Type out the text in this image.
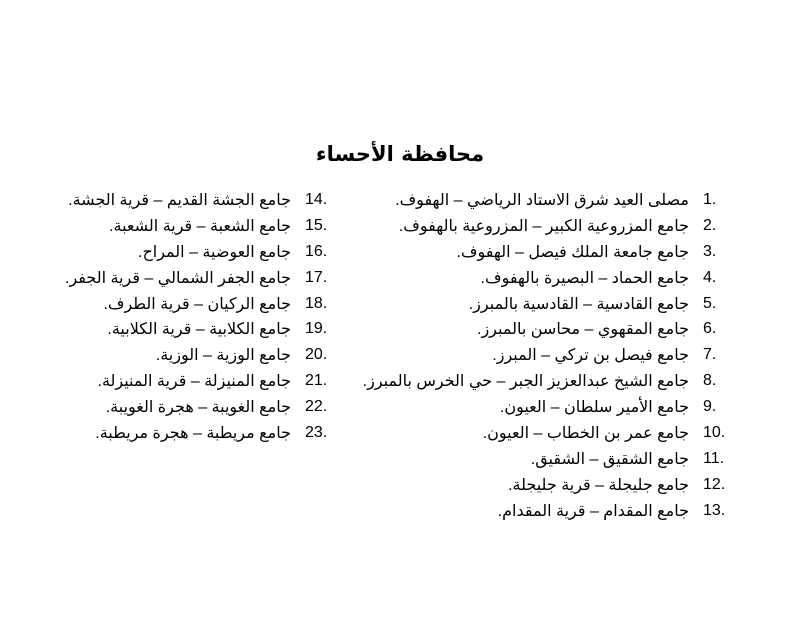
محافظة الأحساء
مصلى العيد شرق الاستاد الرياضي – الهفوف. 1.
جامع المزروعية الكبير – المزروعية بالهفوف. 2.
جامع جامعة الملك فيصل – الهفوف. 3.
جامع الحماد – البصيرة بالهفوف. 4.
جامع القادسية – القادسية بالمبرز. 5.
جامع المقهوي – محاسن بالمبرز. 6.
جامع فيصل بن تركي – المبرز. 7.
جامع الشيخ عبدالعزيز الجبر – حي الخرس بالمبرز. 8.
جامع الأمير سلطان – العيون. 9.
جامع عمر بن الخطاب – العيون. 10.
جامع الشقيق – الشقيق. 11.
جامع جليجلة – قرية جليجلة. 12.
جامع المقدام – قرية المقدام. 13.
جامع الجشة القديم – قرية الجشة. 14.
جامع الشعبة – قرية الشعبة. 15.
جامع العوضية – المراح. 16.
جامع الجفر الشمالي – قرية الجفر. 17.
جامع الركيان – قرية الطرف. 18.
جامع الكلابية – قرية الكلابية. 19.
جامع الوزية – الوزية. 20.
جامع المنيزلة – قرية المنيزلة. 21.
جامع الغويبة – هجرة الغويبة. 22.
جامع مريطبة – هجرة مريطبة. 23.
